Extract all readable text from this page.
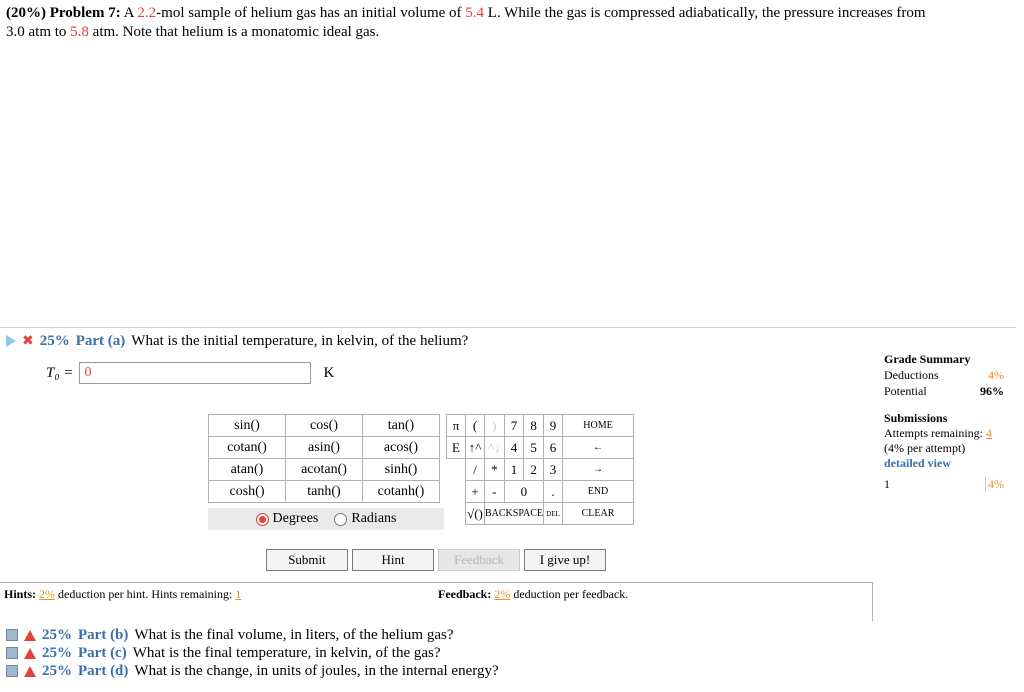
(20%) Problem 7: A 2.2-mol sample of helium gas has an initial volume of 5.4 L. While the gas is compressed adiabatically, the pressure increases from
3.0 atm to 5.8 atm. Note that helium is a monatomic ideal gas.
✖ 25% Part (a) What is the initial temperature, in kelvin, of the helium?
T₀ =
0	K
Grade Summary
Deductions	4%
Potential	96%
Submissions
Attempts remaining: 4
(4% per attempt)
detailed view
1	4%
sin()	cos()	tan()
cotan()	asin()	acos()
atan()	acotan()	sinh()
cosh()	tanh()	cotanh()
Degrees Radians
π	(	)	7	8	9	HOME
E	↑^	^↓	4	5	6	←
	/	*	1	2	3	→
	+	-	0		.	END
	√()	BACKSPACE			DEL	CLEAR
Submit	Hint	Feedback	I give up!
Hints: 2% deduction per hint. Hints remaining: 1	Feedback: 2% deduction per feedback.
25% Part (b) What is the final volume, in liters, of the helium gas?
25% Part (c) What is the final temperature, in kelvin, of the gas?
25% Part (d) What is the change, in units of joules, in the internal energy?
